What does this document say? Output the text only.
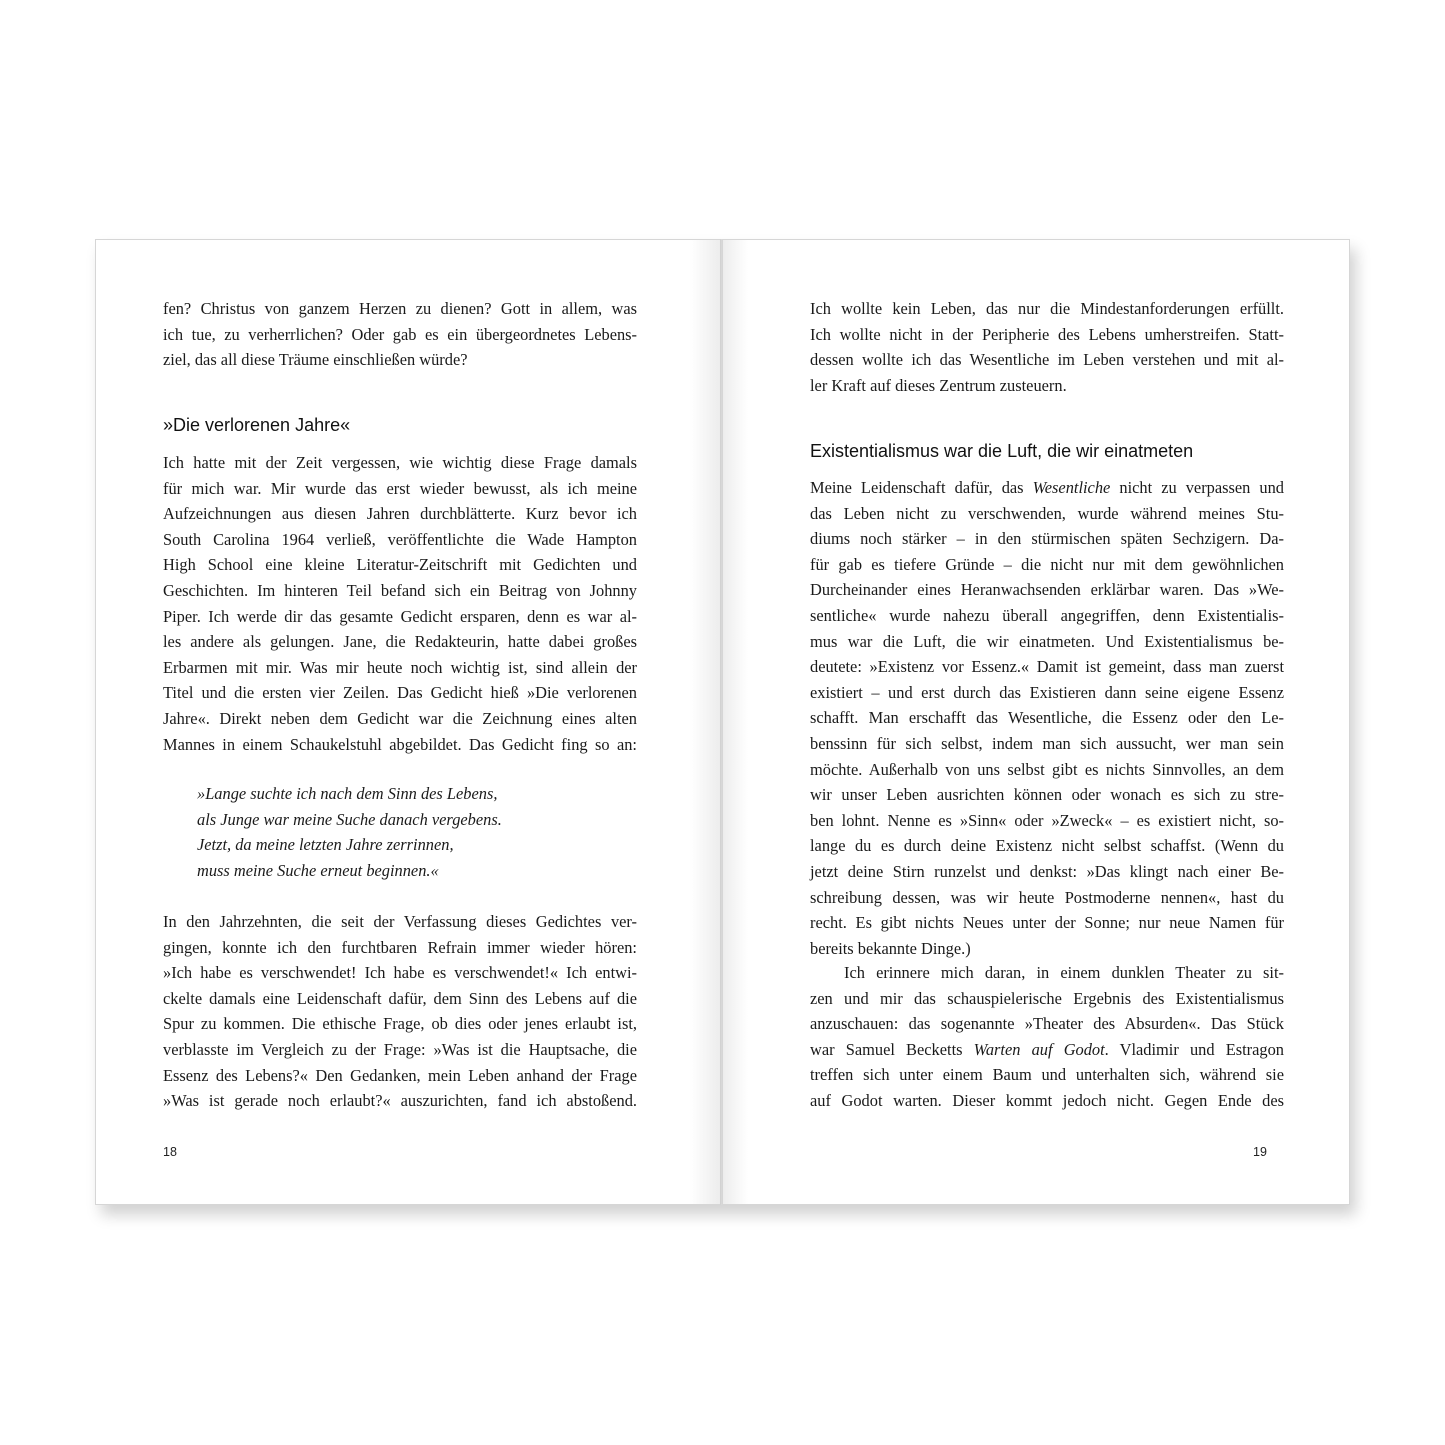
fen? Christus von ganzem Herzen zu dienen? Gott in allem, was
ich tue, zu verherrlichen? Oder gab es ein übergeordnetes Lebens-
ziel, das all diese Träume einschließen würde?
»Die verlorenen Jahre«
Ich hatte mit der Zeit vergessen, wie wichtig diese Frage damals
für mich war. Mir wurde das erst wieder bewusst, als ich meine
Aufzeichnungen aus diesen Jahren durchblätterte. Kurz bevor ich
South Carolina 1964 verließ, veröffentlichte die Wade Hampton
High School eine kleine Literatur-Zeitschrift mit Gedichten und
Geschichten. Im hinteren Teil befand sich ein Beitrag von Johnny
Piper. Ich werde dir das gesamte Gedicht ersparen, denn es war al-
les andere als gelungen. Jane, die Redakteurin, hatte dabei großes
Erbarmen mit mir. Was mir heute noch wichtig ist, sind allein der
Titel und die ersten vier Zeilen. Das Gedicht hieß »Die verlorenen
Jahre«. Direkt neben dem Gedicht war die Zeichnung eines alten
Mannes in einem Schaukelstuhl abgebildet. Das Gedicht fing so an:
»Lange suchte ich nach dem Sinn des Lebens,
als Junge war meine Suche danach vergebens.
Jetzt, da meine letzten Jahre zerrinnen,
muss meine Suche erneut beginnen.«
In den Jahrzehnten, die seit der Verfassung dieses Gedichtes ver-
gingen, konnte ich den furchtbaren Refrain immer wieder hören:
»Ich habe es verschwendet! Ich habe es verschwendet!« Ich entwi-
ckelte damals eine Leidenschaft dafür, dem Sinn des Lebens auf die
Spur zu kommen. Die ethische Frage, ob dies oder jenes erlaubt ist,
verblasste im Vergleich zu der Frage: »Was ist die Hauptsache, die
Essenz des Lebens?« Den Gedanken, mein Leben anhand der Frage
»Was ist gerade noch erlaubt?« auszurichten, fand ich abstoßend.
18
Ich wollte kein Leben, das nur die Mindestanforderungen erfüllt.
Ich wollte nicht in der Peripherie des Lebens umherstreifen. Statt-
dessen wollte ich das Wesentliche im Leben verstehen und mit al-
ler Kraft auf dieses Zentrum zusteuern.
Existentialismus war die Luft, die wir einatmeten
Meine Leidenschaft dafür, das Wesentliche nicht zu verpassen und
das Leben nicht zu verschwenden, wurde während meines Stu-
diums noch stärker – in den stürmischen späten Sechzigern. Da-
für gab es tiefere Gründe – die nicht nur mit dem gewöhnlichen
Durcheinander eines Heranwachsenden erklärbar waren. Das »We-
sentliche« wurde nahezu überall angegriffen, denn Existentialis-
mus war die Luft, die wir einatmeten. Und Existentialismus be-
deutete: »Existenz vor Essenz.« Damit ist gemeint, dass man zuerst
existiert – und erst durch das Existieren dann seine eigene Essenz
schafft. Man erschafft das Wesentliche, die Essenz oder den Le-
benssinn für sich selbst, indem man sich aussucht, wer man sein
möchte. Außerhalb von uns selbst gibt es nichts Sinnvolles, an dem
wir unser Leben ausrichten können oder wonach es sich zu stre-
ben lohnt. Nenne es »Sinn« oder »Zweck« – es existiert nicht, so-
lange du es durch deine Existenz nicht selbst schaffst. (Wenn du
jetzt deine Stirn runzelst und denkst: »Das klingt nach einer Be-
schreibung dessen, was wir heute Postmoderne nennen«, hast du
recht. Es gibt nichts Neues unter der Sonne; nur neue Namen für
bereits bekannte Dinge.)
Ich erinnere mich daran, in einem dunklen Theater zu sit-
zen und mir das schauspielerische Ergebnis des Existentialismus
anzuschauen: das sogenannte »Theater des Absurden«. Das Stück
war Samuel Becketts Warten auf Godot. Vladimir und Estragon
treffen sich unter einem Baum und unterhalten sich, während sie
auf Godot warten. Dieser kommt jedoch nicht. Gegen Ende des
19
